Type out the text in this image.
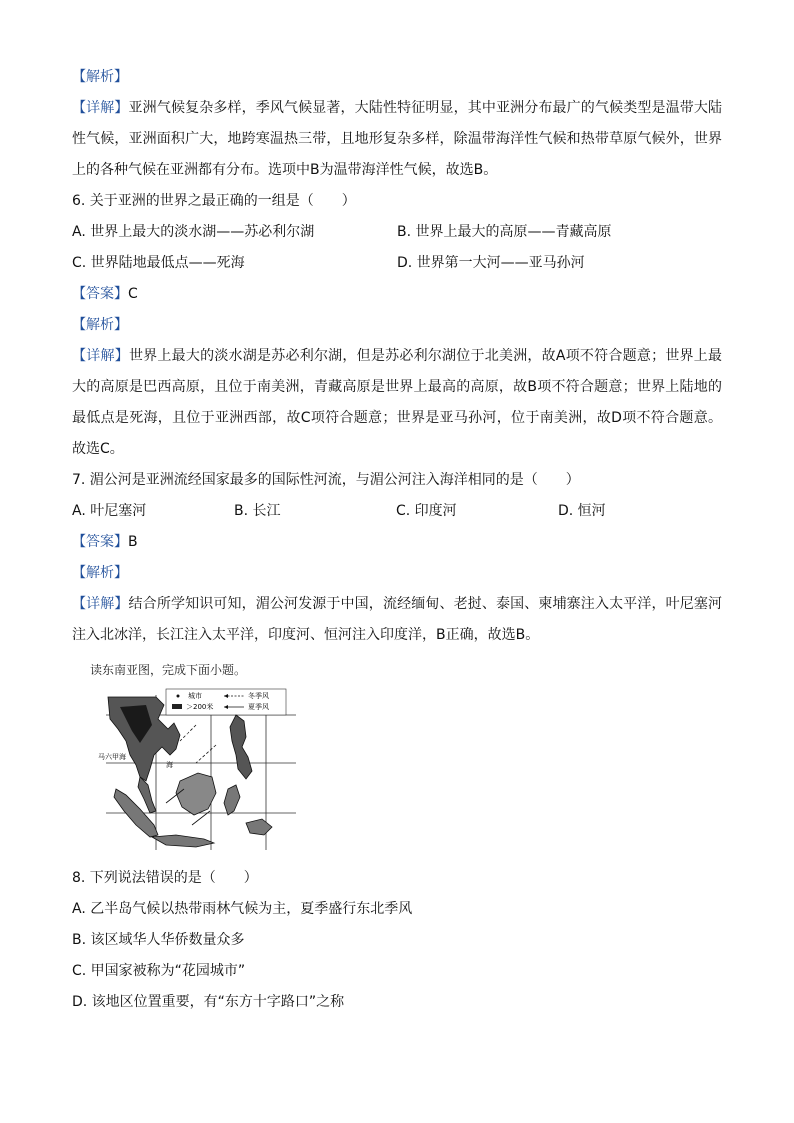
【解析】
【详解】亚洲气候复杂多样，季风气候显著，大陆性特征明显，其中亚洲分布最广的气候类型是温带大陆性气候，亚洲面积广大，地跨寒温热三带，且地形复杂多样，除温带海洋性气候和热带草原气候外，世界上的各种气候在亚洲都有分布。选项中B为温带海洋性气候，故选B。
6. 关于亚洲的世界之最正确的一组是（　　）
A. 世界上最大的淡水湖——苏必利尔湖	B. 世界上最大的高原——青藏高原
C. 世界陆地最低点——死海	D. 世界第一大河——亚马孙河
【答案】C
【解析】
【详解】世界上最大的淡水湖是苏必利尔湖，但是苏必利尔湖位于北美洲，故A项不符合题意；世界上最大的高原是巴西高原，且位于南美洲，青藏高原是世界上最高的高原，故B项不符合题意；世界上陆地的最低点是死海，且位于亚洲西部，故C项符合题意；世界是亚马孙河，位于南美洲，故D项不符合题意。故选C。
7. 湄公河是亚洲流经国家最多的国际性河流，与湄公河注入海洋相同的是（　　）
A. 叶尼塞河	B. 长江	C. 印度河	D. 恒河
【答案】B
【解析】
【详解】结合所学知识可知，湄公河发源于中国，流经缅甸、老挝、泰国、柬埔寨注入太平洋，叶尼塞河注入北冰洋，长江注入太平洋，印度河、恒河注入印度洋，B正确，故选B。
读东南亚图，完成下面小题。
城市
＞200米
冬季风
夏季风
马六甲海
南
海
8. 下列说法错误的是（　　）
A. 乙半岛气候以热带雨林气候为主，夏季盛行东北季风
B. 该区域华人华侨数量众多
C. 甲国家被称为“花园城市”
D. 该地区位置重要，有“东方十字路口”之称
